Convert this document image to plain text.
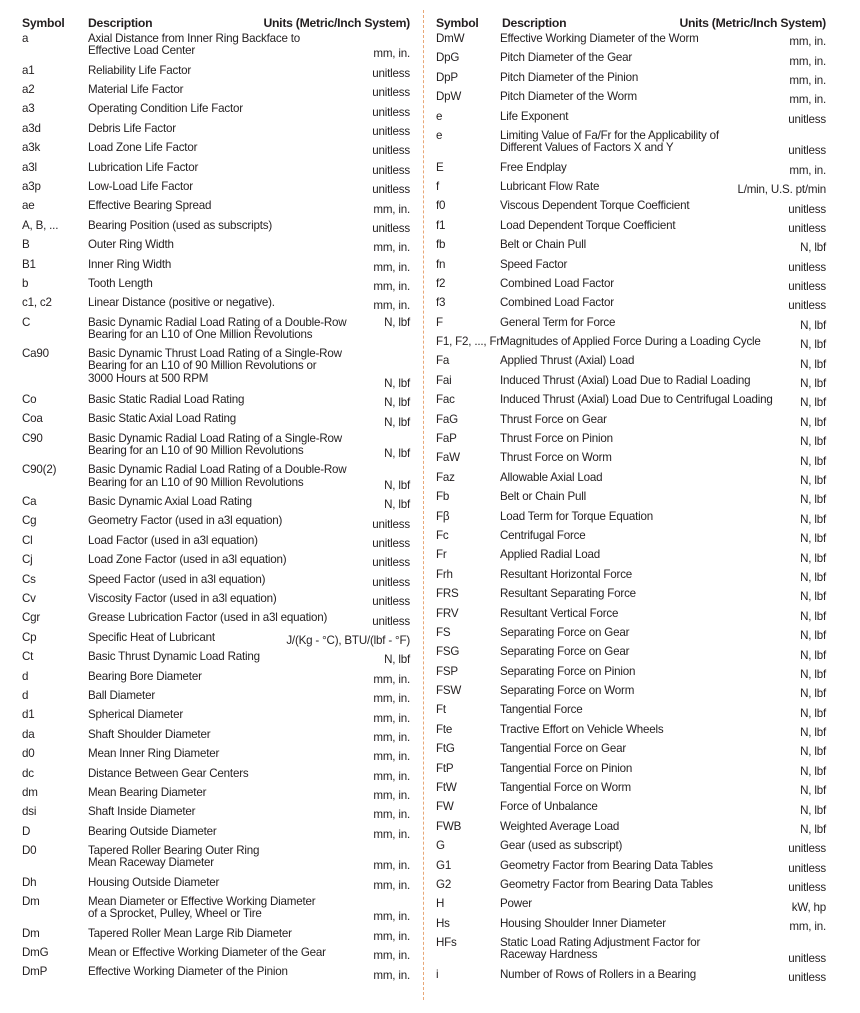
Symbol	Description	Units (Metric/Inch System)
a	Axial Distance from Inner Ring Backface to
Effective Load Center	mm, in.
a1	Reliability Life Factor	unitless
a2	Material Life Factor	unitless
a3	Operating Condition Life Factor	unitless
a3d	Debris Life Factor	unitless
a3k	Load Zone Life Factor	unitless
a3l	Lubrication Life Factor	unitless
a3p	Low-Load Life Factor	unitless
ae	Effective Bearing Spread	mm, in.
A, B, ...	Bearing Position (used as subscripts)	unitless
B	Outer Ring Width	mm, in.
B1	Inner Ring Width	mm, in.
b	Tooth Length	mm, in.
c1, c2	Linear Distance (positive or negative).	mm, in.
C	Basic Dynamic Radial Load Rating of a Double-Row
Bearing for an L10 of One Million Revolutions
N, lbf
Ca90	Basic Dynamic Thrust Load Rating of a Single-Row
Bearing for an L10 of 90 Million Revolutions or
3000 Hours at 500 RPM	N, lbf
Co	Basic Static Radial Load Rating	N, lbf
Coa	Basic Static Axial Load Rating	N, lbf
C90	Basic Dynamic Radial Load Rating of a Single-Row
Bearing for an L10 of 90 Million Revolutions	N, lbf
C90(2)	Basic Dynamic Radial Load Rating of a Double-Row
Bearing for an L10 of 90 Million Revolutions	N, lbf
Ca	Basic Dynamic Axial Load Rating	N, lbf
Cg	Geometry Factor (used in a3l equation)	unitless
Cl	Load Factor (used in a3l equation)	unitless
Cj	Load Zone Factor (used in a3l equation)	unitless
Cs	Speed Factor (used in a3l equation)	unitless
Cv	Viscosity Factor (used in a3l equation)	unitless
Cgr	Grease Lubrication Factor (used in a3l equation)	unitless
Cp	Specific Heat of Lubricant	J/(Kg - °C), BTU/(lbf - °F)
Ct	Basic Thrust Dynamic Load Rating	N, lbf
d	Bearing Bore Diameter	mm, in.
d	Ball Diameter	mm, in.
d1	Spherical Diameter	mm, in.
da	Shaft Shoulder Diameter	mm, in.
d0	Mean Inner Ring Diameter	mm, in.
dc	Distance Between Gear Centers	mm, in.
dm	Mean Bearing Diameter	mm, in.
dsi	Shaft Inside Diameter	mm, in.
D	Bearing Outside Diameter	mm, in.
D0	Tapered Roller Bearing Outer Ring
Mean Raceway Diameter	mm, in.
Dh	Housing Outside Diameter	mm, in.
Dm	Mean Diameter or Effective Working Diameter
of a Sprocket, Pulley, Wheel or Tire	mm, in.
Dm	Tapered Roller Mean Large Rib Diameter	mm, in.
DmG	Mean or Effective Working Diameter of the Gear	mm, in.
DmP	Effective Working Diameter of the Pinion	mm, in.
Symbol	Description	Units (Metric/Inch System)
DmW	Effective Working Diameter of the Worm	mm, in.
DpG	Pitch Diameter of the Gear	mm, in.
DpP	Pitch Diameter of the Pinion	mm, in.
DpW	Pitch Diameter of the Worm	mm, in.
e	Life Exponent	unitless
e	Limiting Value of Fa/Fr for the Applicability of
Different Values of Factors X and Y	unitless
E	Free Endplay	mm, in.
f	Lubricant Flow Rate	L/min, U.S. pt/min
f0	Viscous Dependent Torque Coefficient	unitless
f1	Load Dependent Torque Coefficient	unitless
fb	Belt or Chain Pull	N, lbf
fn	Speed Factor	unitless
f2	Combined Load Factor	unitless
f3	Combined Load Factor	unitless
F	General Term for Force	N, lbf
F1, F2, ..., Fn
Magnitudes of Applied Force During a Loading Cycle	N, lbf
Fa	Applied Thrust (Axial) Load	N, lbf
Fai	Induced Thrust (Axial) Load Due to Radial Loading	N, lbf
Fac	Induced Thrust (Axial) Load Due to Centrifugal Loading	N, lbf
FaG	Thrust Force on Gear	N, lbf
FaP	Thrust Force on Pinion	N, lbf
FaW	Thrust Force on Worm	N, lbf
Faz	Allowable Axial Load	N, lbf
Fb	Belt or Chain Pull	N, lbf
Fβ	Load Term for Torque Equation	N, lbf
Fc	Centrifugal Force	N, lbf
Fr	Applied Radial Load	N, lbf
Frh	Resultant Horizontal Force	N, lbf
FRS	Resultant Separating Force	N, lbf
FRV	Resultant Vertical Force	N, lbf
FS	Separating Force on Gear	N, lbf
FSG	Separating Force on Gear	N, lbf
FSP	Separating Force on Pinion	N, lbf
FSW	Separating Force on Worm	N, lbf
Ft	Tangential Force	N, lbf
Fte	Tractive Effort on Vehicle Wheels	N, lbf
FtG	Tangential Force on Gear	N, lbf
FtP	Tangential Force on Pinion	N, lbf
FtW	Tangential Force on Worm	N, lbf
FW	Force of Unbalance	N, lbf
FWB	Weighted Average Load	N, lbf
G	Gear (used as subscript)	unitless
G1	Geometry Factor from Bearing Data Tables	unitless
G2	Geometry Factor from Bearing Data Tables	unitless
H	Power	kW, hp
Hs	Housing Shoulder Inner Diameter	mm, in.
HFs	Static Load Rating Adjustment Factor for
Raceway Hardness	unitless
i	Number of Rows of Rollers in a Bearing	unitless
